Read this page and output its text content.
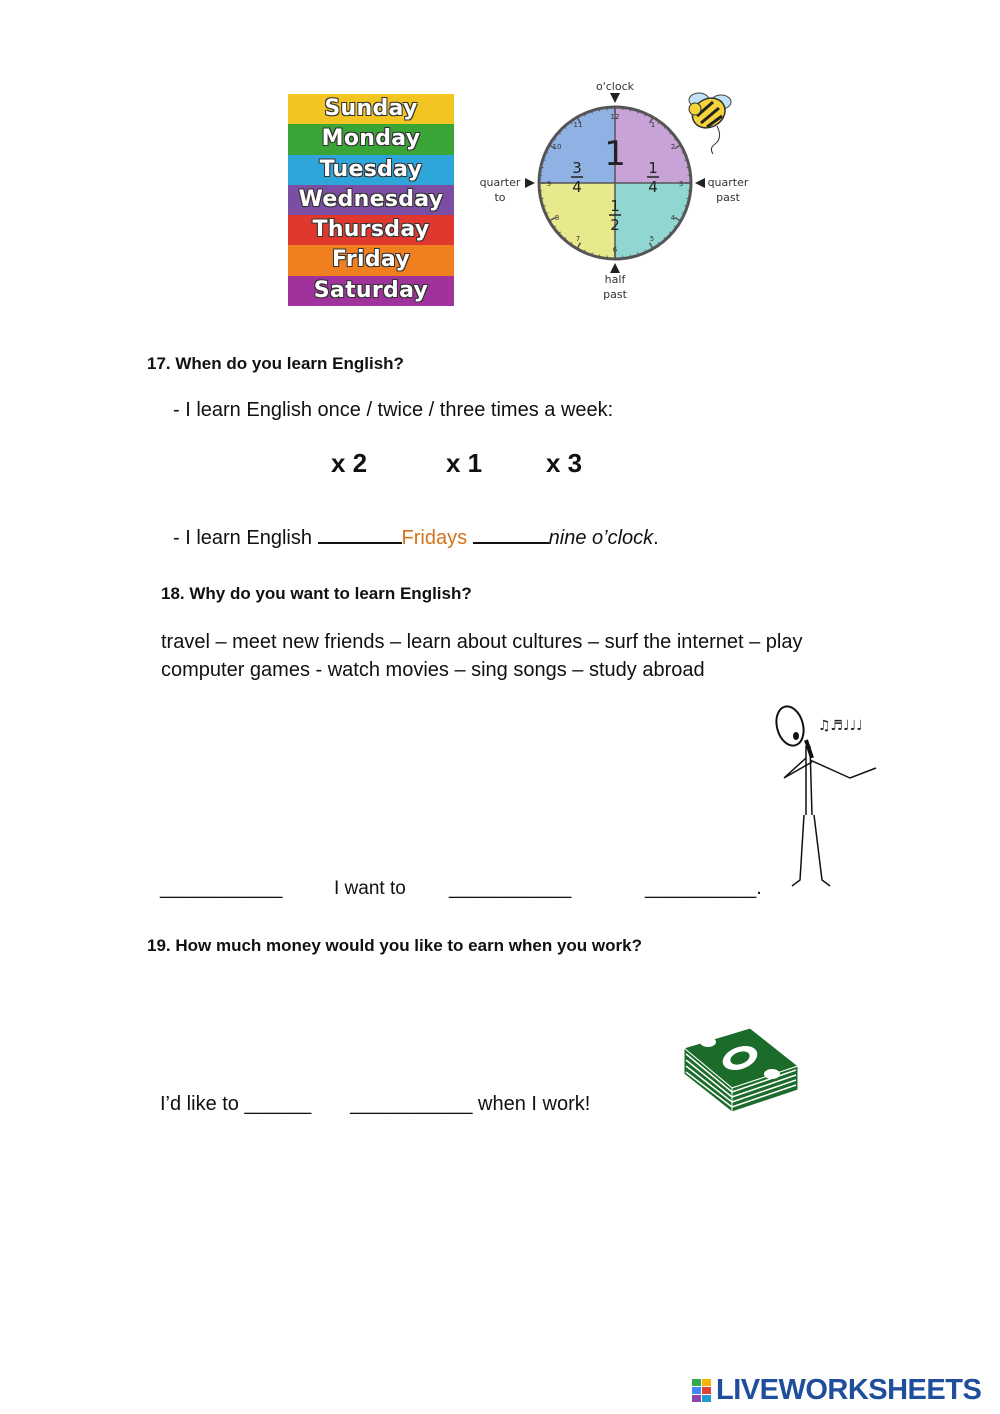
Sunday
Monday
Tuesday
Wednesday
Thursday
Friday
Saturday
12
11	1
2
3
9
10
4
5
6
7
8
1
3
4
1
4
1
2
o'clock
quarter
to
quarter
past
half
past
17. When do you learn English?
- I learn English once / twice / three times a week:
x 2	x 1 x 3
- I learn English	Fridays	nine o’clock.
18. Why do you want to learn English?
travel – meet new friends – learn about cultures – surf the internet – play
computer games - watch movies – sing songs – study abroad
♫♬♩♩♩
___________	I want to ___________	__________.
19. How much money would you like to earn when you work?
I’d like to ______ ___________ when I work!
LIVEWORKSHEETS
